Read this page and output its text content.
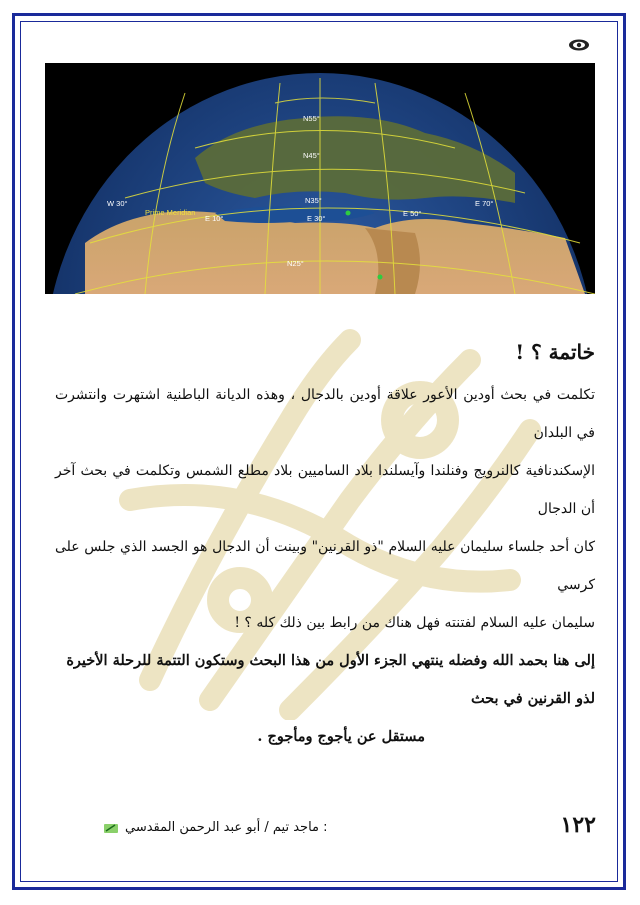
N55°
N45°
N35°
N25°
W 30°
E 10°	E 30°
E 50°
E 70°
Prime Meridian
خاتمة ؟ !

تكلمت في بحث أودين الأعور علاقة أودين بالدجال ، وهذه الديانة الباطنية اشتهرت وانتشرت في البلدان

الإسكندنافية كالنرويج وفنلندا وآيسلندا بلاد الساميين بلاد مطلع الشمس وتكلمت في بحث آخر أن الدجال

كان أحد جلساء سليمان عليه السلام "ذو القرنين" وبينت أن الدجال هو الجسد الذي جلس على كرسي

سليمان عليه السلام لفتنته فهل هناك من رابط بين ذلك كله ؟ !

إلى هنا بحمد الله وفضله ينتهي الجزء الأول من هذا البحث وستكون التتمة للرحلة الأخيرة لذو القرنين في بحث

مستقل عن يأجوج ومأجوج .

١٢٢
: ماجد تيم / أبو عبد الرحمن المقدسي
